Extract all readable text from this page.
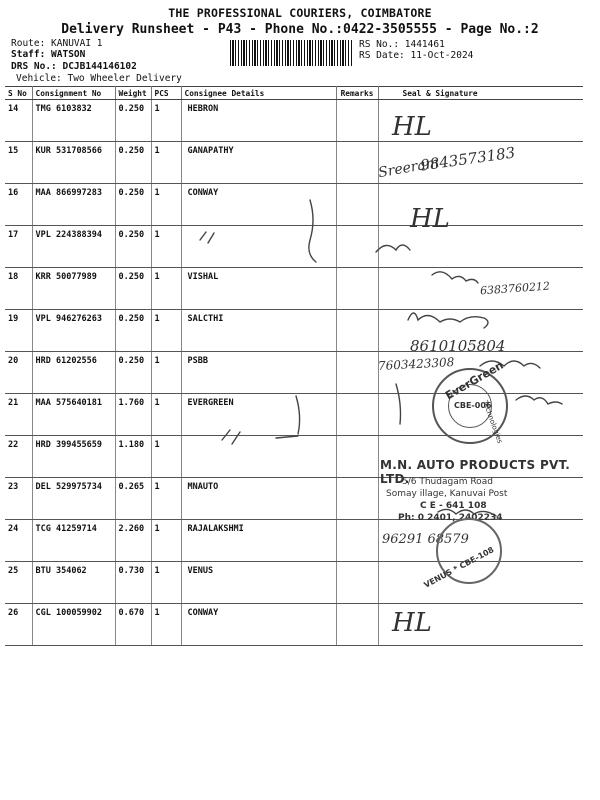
THE PROFESSIONAL COURIERS, COIMBATORE
Delivery Runsheet - P43 - Phone No.:0422-3505555 - Page No.:2
Route: KANUVAI 1
Staff: WATSON
DRS No.: DCJB144146102
Vehicle: Two Wheeler Delivery
RS No.: 1441461
RS Date: 11-Oct-2024
S No	Consignment No	Weight	PCS	Consignee Details	Remarks	Seal & Signature
14	TMG 6103832	0.250	1	HEBRON		
15	KUR 531708566	0.250	1	GANAPATHY		
16	MAA 866997283	0.250	1	CONWAY		
17	VPL 224388394	0.250	1			
18	KRR 50077989	0.250	1	VISHAL		
19	VPL 946276263	0.250	1	SALCTHI		
20	HRD 61202556	0.250	1	PSBB		
21	MAA 575640181	1.760	1	EVERGREEN		
22	HRD 399455659	1.180	1			
23	DEL 529975734	0.265	1	MNAUTO		
24	TCG 41259714	2.260	1	RAJALAKSHMI		
25	BTU 354062	0.730	1	VENUS		
26	CGL 100059902	0.670	1	CONWAY		
HL
Sreeram
9843573183
HL
6383760212
8610105804
7603423308
HL
96291 68579
EverGreen
Technologies
CBE-006
M.N. AUTO PRODUCTS PVT. LTD.
5/6 Thudagam Road
Somay illage, Kanuvai Post
C E - 641 108
Ph: 0 2401, 2402234
VENUS * CBE-108
